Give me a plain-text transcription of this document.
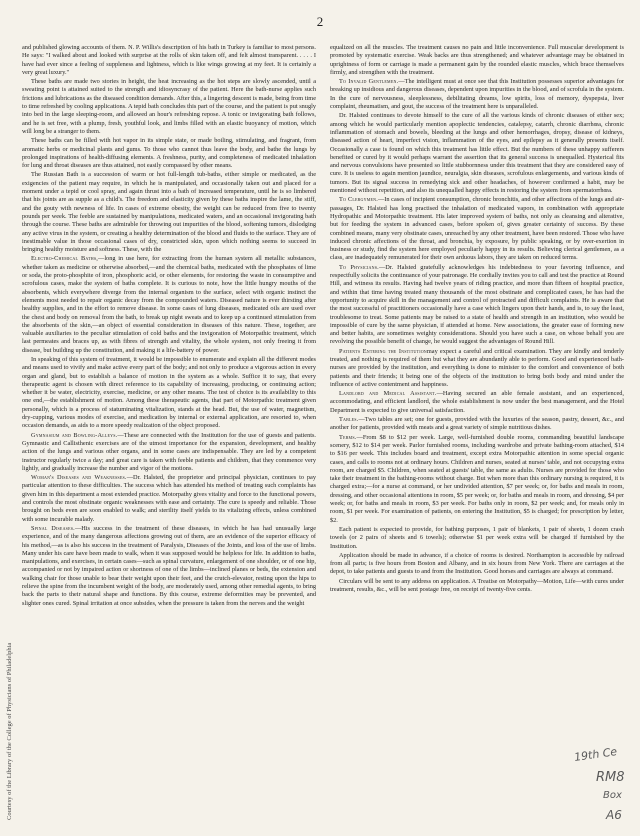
2

and published glowing accounts of them. N. P. Willis's description of his bath in Turkey is familiar to most persons. He says: "I walked about and looked with surprise at the rolls of skin taken off, and felt almost transparent. . . . . I have had ever since a feeling of suppleness and lightness, which is like wings growing at my feet. It is certainly a very great luxury."

These baths are made two stories in height, the heat increasing as the hot steps are slowly ascended, until a sweating point is attained suited to the strength and idiosyncrasy of the patient. Here the bath-nurse applies such frictions and lubrications as the diseased condition demands. After this, a lingering descent is made, being from time to time refreshed by cooling applications. A tepid bath concludes this part of the course, and the patient is put snugly into bed in the large sleeping-room, and allowed an hour's refreshing repose. A tonic or invigorating bath follows, and he is set free, with a plump, fresh, youthful look, and limbs filled with an elastic buoyancy of motion, which will long be a stranger to them.

These baths can be filled with hot vapor in its simple state, or made boiling, stimulating, and fragrant, from aromatic herbs or medicinal plants and gums. To those who cannot thus leave the body, and bathe the lungs by prolonged inspirations of health-diffusing elements. A freshness, purity, and completeness of medicated inhalation for lung and throat diseases are thus attained, not easily compassed by other means.

The Russian Bath is a succession of warm or hot full-length tub-baths, either simple or medicated, as the exigencies of the patient may require, in which he is manipulated, and occasionally taken out and placed for a moment under a tepid or cool spray, and again thrust into a bath of increased temperature, until he is so limbered that his joints are as supple as a child's. The freedom and elasticity given by these baths inspire the lame, the stiff, and the gouty with newness of life. In cases of extreme obesity, the weight can be reduced from five to twenty pounds per week. The feeble are sustained by manipulations, medicated waters, and an occasional invigorating bath through the course. These baths are admirable for throwing out impurities of the blood, softening tumors, dislodging any active virus in the system, or creating a healthy determination of the blood and fluids to the surface. They are of inestimable value in those occasional cases of dry, constricted skin, upon which nothing seems to succeed in bringing healthy moisture and softness. These, with the

Electro-Chemical Baths,—long in use here, for extracting from the human system all metallic substances, whether taken as medicine or otherwise absorbed,—and the chemical baths, medicated with the phosphates of lime or soda, the proto-phosphite of iron, phosphoric acid, or other elements, for restoring the waste in consumptive and scrofulous cases, make the system of baths complete. It is curious to note, how the little hungry mouths of the absorbents, which everywhere diverge from the internal organism to the surface, select with organic instinct the elements most needed to repair organic decay from the compounded waters. Diseased nature is ever thirsting after healthy supplies, and in the effort to remove disease. In some cases of lung diseases, medicated oils are used over the chest and body on removal from the bath, to break up night sweats and to keep up a continued stimulation from the absorbents of the skin,—an object of essential consideration in diseases of this nature. These, together, are valuable auxiliaries to the peculiar stimulation of cold baths and the invigoration of Motorpathic treatment, which last permeates and braces up, as with fibres of strength and vitality, the whole system, not only freeing it from disease, but building up the constitution, and making it a life-battery of power.

In speaking of this system of treatment, it would be impossible to enumerate and explain all the different modes and means used to vivify and make active every part of the body; and not only to produce a vigorous action in every organ and gland, but to establish a balance of motion in the system as a whole. Suffice it to say, that every therapeutic agent is chosen with direct reference to its capability of increasing, producing, or continuing action; whether it be water, electricity, exercise, medicine, or any other means. The test of choice is its availability to this one end,—the establishment of motion. Among these therapeutic agents, that part of Motorpathic treatment given personally, which is a process of statuminating vitalization, stands at the head. But, the use of water, magnetism, dry-cupping, various modes of exercise, and medication by internal or external application, are resorted to, when occasion demands, as aids to a more speedy realization of the object proposed.

Gymnasium and Bowling-Alleys.—These are connected with the Institution for the use of guests and patients. Gymnastic and Callisthenic exercises are of the utmost importance for the expansion, development, and healthy action of the lungs and various other organs, and in some cases are indispensable. They are led by a competent instructor regularly twice a day; and great care is taken with feeble patients and children, that they commence very lightly, and gradually increase the number and vigor of the motions.

Woman's Diseases and Weaknesses.—Dr. Halsted, the proprietor and principal physician, continues to pay particular attention to these difficulties. The success which has attended his method of treating such complaints has given him in this department a most extended practice. Motorpathy gives vitality and force to the functional powers, and controls the most obstinate organic weaknesses with ease and certainty. The cure is speedy and reliable. Those brought on beds even are soon enabled to walk; and sterility itself yields to its vitalizing effects, unless combined with some incurable malady.

Spinal Diseases.—His success in the treatment of these diseases, in which he has had unusually large experience, and of the many dangerous affections growing out of them, are an evidence of the superior efficacy of his method,—as is also his success in the treatment of Paralysis, Diseases of the Joints, and loss of the use of limbs. Many under his care have been made to walk, when it was supposed would be helpless for life. In addition to baths, manipulations, and exercises, in certain cases—such as spinal curvature, enlargement of one shoulder, or of one hip, accompanied or not by impaired action or shortness of one of the limbs—inclined planes or beds, the extension and walking chair for those unable to bear their weight upon their feet, and the crutch-elevator, resting upon the hips to relieve the spine from the incumbent weight of the body, are moderately used, among other remedial agents, to bring back the parts to their natural shape and functions. By this course, extreme deformities may be prevented, and slighter ones cured. Spinal irritation at once subsides, when the pressure is taken from the nerves and the weight

equalized on all the muscles. The treatment causes no pain and little inconvenience. Full muscular development is promoted by systematic exercise. Weak backs are thus strengthened; and whatever advantage may be obtained in uprightness of form or carriage is made a permanent gain by the rounded elastic muscles, which brace themselves firmly, and strengthen with the treatment.

To Invalid Gentlemen.—The intelligent must at once see that this Institution possesses superior advantages for breaking up insidious and dangerous diseases, dependent upon impurities in the blood, and of scrofula in the system. In the cure of nervousness, sleeplessness, debilitating dreams, low spirits, loss of memory, dyspepsia, liver complaint, rheumatism, and gout, the success of the treatment here is unparalleled.

Dr. Halsted continues to devote himself to the cure of all the various kinds of chronic diseases of either sex; among which he would particularly mention apoplectic tendencies, catalepsy, catarrh, chronic diarrhœa, chronic inflammation of stomach and bowels, bleeding at the lungs and other hemorrhages, dropsy, disease of kidneys, diseased action of heart, imperfect vision, inflammation of the eyes, and epilepsy as it generally presents itself. Occasionally a case is found on which this treatment has little effect. But the numbers of these unhappy sufferers benefited or cured by it would perhaps warrant the assertion that its general success is unequalled. Hysterical fits and nervous convulsions have presented so little stubbornness under this treatment that they are considered easy of cure. It is useless to again mention jaundice, neuralgia, skin diseases, scrofulous enlargements, and various kinds of tumors. But its signal success in remedying sick and other headaches, of however confirmed a habit, may be mentioned without repetition, and also its unequalled happy effects in restoring the system from spermatorrhœa.

To Clergymen.—In cases of incipient consumption, chronic bronchitis, and other affections of the lungs and air-passages, Dr. Halsted has long practised the inhalation of medicated vapors, in combination with appropriate Hydropathic and Motorpathic treatment. His later improved system of baths, not only as cleansing and alterative, but for feeding the system in advanced cases, before spoken of, gives greater certainty of success. By these combined means, many very obstinate cases, unreached by any other treatment, have been restored. Those who have induced chronic affections of the throat, and bronchia, by exposure, by public speaking, or by over-exertion in business or study, find the system here employed peculiarly happy in its results. Believing clerical gentlemen, as a class, are inadequately remunerated for their own arduous labors, they are taken on reduced terms.

To Physicians.—Dr. Halsted gratefully acknowledges his indebtedness to your favoring influence, and respectfully solicits the continuance of your patronage. He cordially invites you to call and test the practice at Round Hill, and witness its results. Having had twelve years of riding practice, and more than fifteen of hospital practice, and within that time having treated many thousands of the most obstinate and complicated cases, he has had the opportunity to acquire skill in the management and control of protracted and difficult complaints. He is aware that the most successful of practitioners occasionally have a case which lingers upon their hands, and is, to say the least, troublesome to treat. Some patients may be raised to a state of health and strength in an institution, who would be impossible of cure by the same physician, if attended at home. New associations, the greater ease of forming new and better habits, are sometimes weighty considerations. Should you have such a case, on whose behalf you are revolving the possible benefit of change, he would suggest the advantages of Round Hill.

Patients Entering the Institutionmay expect a careful and critical examination. They are kindly and tenderly treated, and nothing is required of them but what they are abundantly able to perform. Good and experienced bath-nurses are provided by the institution, and everything is done to minister to the comfort and convenience of both patients and their friends; it being one of the objects of the institution to bring both body and mind under the influence of active contentment and happiness.

Landlord and Medical Assistant.—Having secured an able female assistant, and an experienced, accommodating, and efficient landlord, the whole establishment is now under the best management, and the Hotel Department is expected to give universal satisfaction.

Tables.—Two tables are set; one for guests, provided with the luxuries of the season, pastry, dessert, &c., and another for patients, provided with meats and a great variety of simple nutritious dishes.

Terms.—From $8 to $12 per week. Large, well-furnished double rooms, commanding beautiful landscape scenery, $12 to $14 per week. Parlor furnished rooms, including wardrobe and private bathing-room attached, $14 to $16 per week. This includes board and treatment, except extra Motorpathic attention in some special organic cases, and calls to rooms not at ordinary hours. Children and nurses, seated at nurses' table, and not occupying extra room, are charged $5. Children, when seated at guests' table, the same as adults. Nurses are provided for those who take their treatment in the bathing-rooms without charge. But when more than this ordinary nursing is required, it is charged extra;—for a nurse at command, or her undivided attention, $7 per week; or, for baths and meals in room, dressing, and other occasional attentions in room, $5 per week; or, for baths and meals in room, and dressing, $4 per week; or, for baths and meals in room, $3 per week. For baths only in room, $2 per week; and, for meals only in room, $1 per week. For examination of patients, on entering the Institution, $5 is charged; for prescription by letter, $2.

Each patient is expected to provide, for bathing purposes, 1 pair of blankets, 1 pair of sheets, 1 dozen crash towels (or 2 pairs of sheets and 6 towels); otherwise $1 per week extra will be charged if furnished by the Institution.

Application should be made in advance, if a choice of rooms is desired. Northampton is accessible by railroad from all parts; is five hours from Boston and Albany, and in six hours from New York. There are carriages at the depot, to take patients and guests to and from the Institution. Good horses and carriages are always at command.

Circulars will be sent to any address on application. A Treatise on Motorpathy—Motion, Life—with cures under treatment, results, &c., will be sent postage free, on receipt of twenty-five cents.

Courtesy of the Library of the College of Physicians of Philadelphia	19th Ce
RM8
Box
A6
